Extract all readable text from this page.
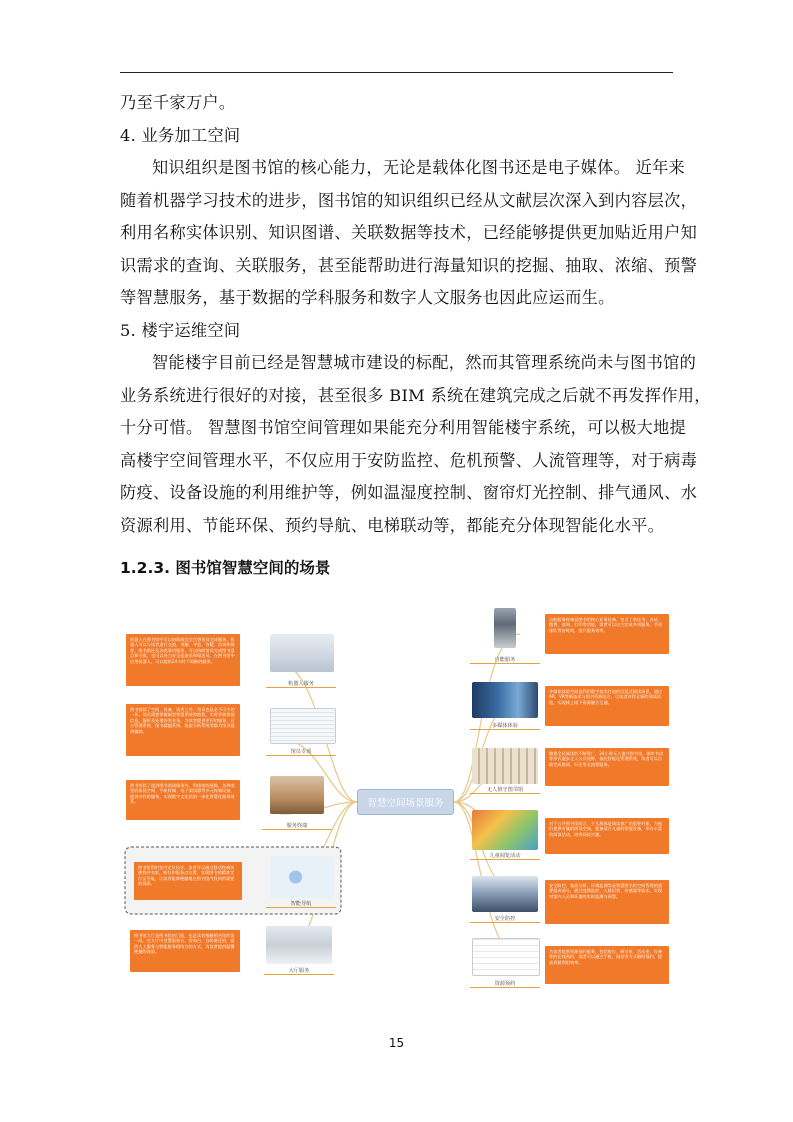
乃至千家万户。
4. 业务加工空间
知识组织是图书馆的核心能力，无论是载体化图书还是电子媒体。 近年来
随着机器学习技术的进步，图书馆的知识组织已经从文献层次深入到内容层次，
利用名称实体识别、知识图谱、关联数据等技术，已经能够提供更加贴近用户知
识需求的查询、关联服务，甚至能帮助进行海量知识的挖掘、抽取、浓缩、预警
等智慧服务，基于数据的学科服务和数字人文服务也因此应运而生。
5. 楼宇运维空间
智能楼宇目前已经是智慧城市建设的标配，然而其管理系统尚未与图书馆的
业务系统进行很好的对接，甚至很多 BIM 系统在建筑完成之后就不再发挥作用，
十分可惜。 智慧图书馆空间管理如果能充分利用智能楼宇系统，可以极大地提
高楼宇空间管理水平，不仅应用于安防监控、危机预警、人流管理等，对于病毒
防疫、设备设施的利用维护等，例如温湿度控制、窗帘灯光控制、排气通风、水
资源利用、节能环保、预约导航、电梯联动等，都能充分体现智能化水平。
1.2.3. 图书馆智慧空间的场景
智慧空间场景服务
机器人在图书馆中可以协助或完全代替馆员完成服务。机器人可以与读者进行交流，讲解、导览、答疑、咨询和推荐，图书借还及各类事项服务，可以协助馆员完成图书盘点和分拣，也可以充当安全巡查员和保洁员。在图书馆中应用机器人，可以提供24小时不间断的服务。
机器人服务
图书馆除了空间、设备、读者之外，馆员也是必不可少的一环。馆员需要掌握新型智慧系统和流程，实时更新数据信息，解析及处理各类业务，为读者提供更好的服务。后台管理系统、图书精编系统、检索分析系统等都为馆员提供辅助。
馆员专项
图书馆除了提供图书借阅服务外，科技馆的展陈，各种类型的体验空间、手机终端、电子阅读器等多元终端设备，提供多样的服务，实现数字文化馆的一体化智慧化服务体系。
服务终端
图书馆利用室内定位技术，读者可以通过移动终端快速找到书架、座位和服务点位置，实现图书的精准定位及导航，让读者能够便捷地在图书馆内找到所需要的资源。
智能导航
图书馆大厅是图书馆的门面，也是读者接触图书馆的第一站。在大厅中设置服务台、咨询台、自助借还机，提供人工服务与智能服务相结合的方式，为读者提供温馨便捷的体验。
大厅服务
自能服务
自助服务终端是图书馆核心业务设备，包含了借还书、办证、缴费、查询、打印等功能，读者可以自主完成多项服务，节省排队等待时间，提升服务效率。
多媒体体验
多媒体体验空间是利用数字技术打造的沉浸式阅读场景，通过AR、VR等新技术与图书资源结合，让读者获得全新的阅读体验，实现线上线下资源融合互通。
无人值守图书馆
随着全民阅读的不断推广，24小时无人值守图书馆，城市书房等形式逐步走入公众视野，依托智能化管理系统，读者可以自助完成借阅、归还等全流程服务。
儿童阅览活动
对于公共图书馆而言，少儿群体是阅读推广的重要对象，为他们提供专属的阅读空间，配备适合儿童的智能设备，举办丰富的阅读活动，培养阅读兴趣。
安全防控
安全防控、客流分析、环境监测等是智慧图书馆空间管理的重要组成部分，通过视频监控、人脸识别、传感器等技术，实现对馆内人员和环境的实时监测与预警。
资源预约
为读者提供资源预约服务，包括座位、研讨室、活动室、设备等的在线预约，读者可以通过手机、网站等方式随时预约，提高资源利用效率。
15
